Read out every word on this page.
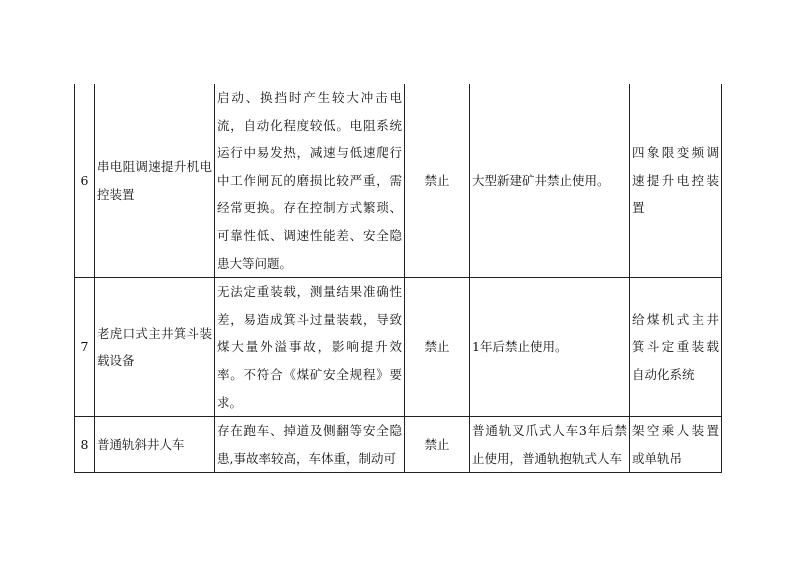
6	串电阻调速提升机电控装置	启动、换挡时产生较大冲击电流，自动化程度较低。电阻系统运行中易发热，减速与低速爬行中工作闸瓦的磨损比较严重，需经常更换。存在控制方式繁琐、可靠性低、调速性能差、安全隐患大等问题。	禁止	大型新建矿井禁止使用。	四象限变频调速提升电控装置
7	老虎口式主井箕斗装载设备	无法定重装载，测量结果准确性差，易造成箕斗过量装载，导致煤大量外溢事故，影响提升效率。不符合《煤矿安全规程》要求。	禁止	1年后禁止使用。	给煤机式主井箕斗定重装载自动化系统
8	普通轨斜井人车	存在跑车、掉道及侧翻等安全隐患,事故率较高，车体重，制动可	禁止	普通轨叉爪式人车3年后禁止使用，普通轨抱轨式人车	架空乘人装置或单轨吊
